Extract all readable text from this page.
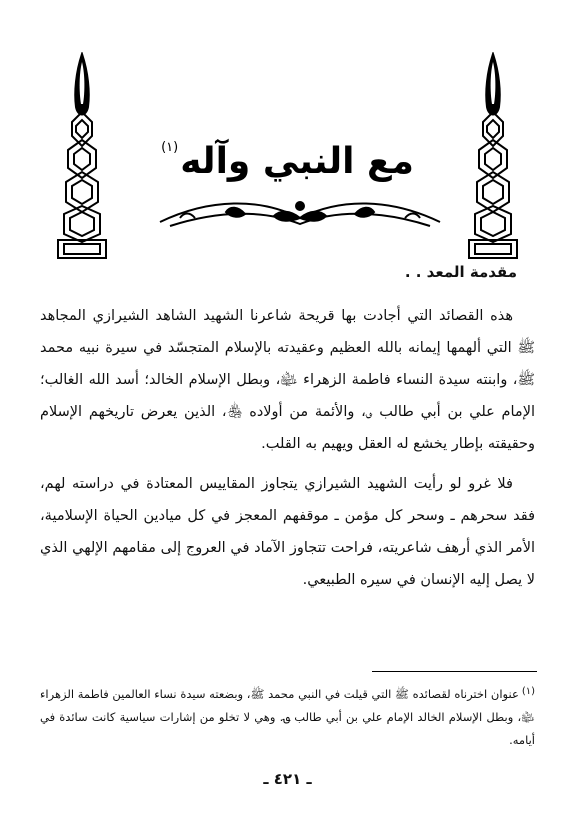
مع النبي وآله$^{(١)}$
مقدمة المعد . .

هذه القصائد التي أجادت بها قريحة شاعرنا الشهيد الشاهد الشيرازي المجاهد ﷺ التي ألهمها إيمانه بالله العظيم وعقيدته بالإسلام المتجسّد في سيرة نبيه محمد ﷺ، وابنته سيدة النساء فاطمة الزهراء ﵍، وبطل الإسلام الخالد؛ أسد الله الغالب؛ الإمام علي بن أبي طالب ؈، والأئمة من أولاده ﵃، الذين يعرض تاريخهم الإسلام وحقيقته بإطار يخشع له العقل ويهيم به القلب.

فلا غرو لو رأيت الشهيد الشيرازي يتجاوز المقاييس المعتادة في دراسته لهم، فقد سحرهم ـ وسحر كل مؤمن ـ موقفهم المعجز في كل ميادين الحياة الإسلامية، الأمر الذي أرهف شاعريته، فراحت تتجاوز الآماد في العروج إلى مقامهم الإلهي الذي لا يصل إليه الإنسان في سيره الطبيعي.

(١)عنوان اخترناه لقصائده ﷺ التي قيلت في النبي محمد ﷺ، وبضعته سيدة نساء العالمين فاطمة الزهراء ﵍، وبطل الإسلام الخالد الإمام علي بن أبي طالب ؈. وهي لا تخلو من إشارات سياسية كانت سائدة في أيامه.
ـ ٤٢١ ـ
